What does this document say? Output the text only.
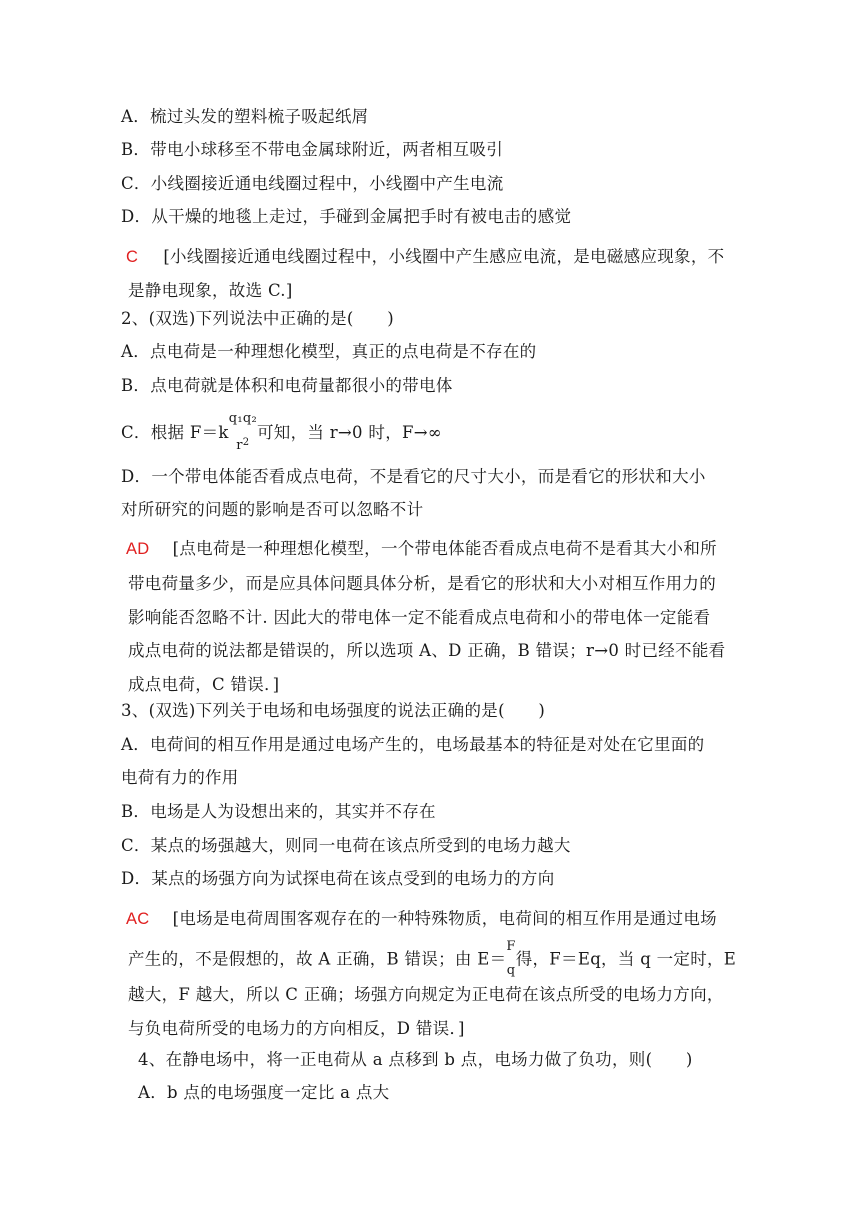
A．梳过头发的塑料梳子吸起纸屑
B．带电小球移至不带电金属球附近，两者相互吸引
C．小线圈接近通电线圈过程中，小线圈中产生电流
D．从干燥的地毯上走过，手碰到金属把手时有被电击的感觉
C [小线圈接近通电线圈过程中，小线圈中产生感应电流，是电磁感应现象，不
是静电现象，故选 C.]
2、(双选)下列说法中正确的是(　　)
A．点电荷是一种理想化模型，真正的点电荷是不存在的
B．点电荷就是体积和电荷量都很小的带电体
C．根据 F＝k
q₁q₂
$r^2$
可知，当 r→0 时，F→∞
D．一个带电体能否看成点电荷，不是看它的尺寸大小，而是看它的形状和大小
对所研究的问题的影响是否可以忽略不计
AD [点电荷是一种理想化模型，一个带电体能否看成点电荷不是看其大小和所
带电荷量多少，而是应具体问题具体分析，是看它的形状和大小对相互作用力的
影响能否忽略不计. 因此大的带电体一定不能看成点电荷和小的带电体一定能看
成点电荷的说法都是错误的，所以选项 A、D 正确，B 错误；r→0 时已经不能看
成点电荷，C 错误．]
3、(双选)下列关于电场和电场强度的说法正确的是(　　)
A．电荷间的相互作用是通过电场产生的，电场最基本的特征是对处在它里面的
电荷有力的作用
B．电场是人为设想出来的，其实并不存在
C．某点的场强越大，则同一电荷在该点所受到的电场力越大
D．某点的场强方向为试探电荷在该点受到的电场力的方向
AC [电场是电荷周围客观存在的一种特殊物质，电荷间的相互作用是通过电场
产生的，不是假想的，故 A 正确，B 错误；由 E＝
F
q
得，F＝Eq，当 q 一定时，E
越大，F 越大，所以 C 正确；场强方向规定为正电荷在该点所受的电场力方向，
与负电荷所受的电场力的方向相反，D 错误．]
4、在静电场中，将一正电荷从 a 点移到 b 点，电场力做了负功，则(　　)
A．b 点的电场强度一定比 a 点大
